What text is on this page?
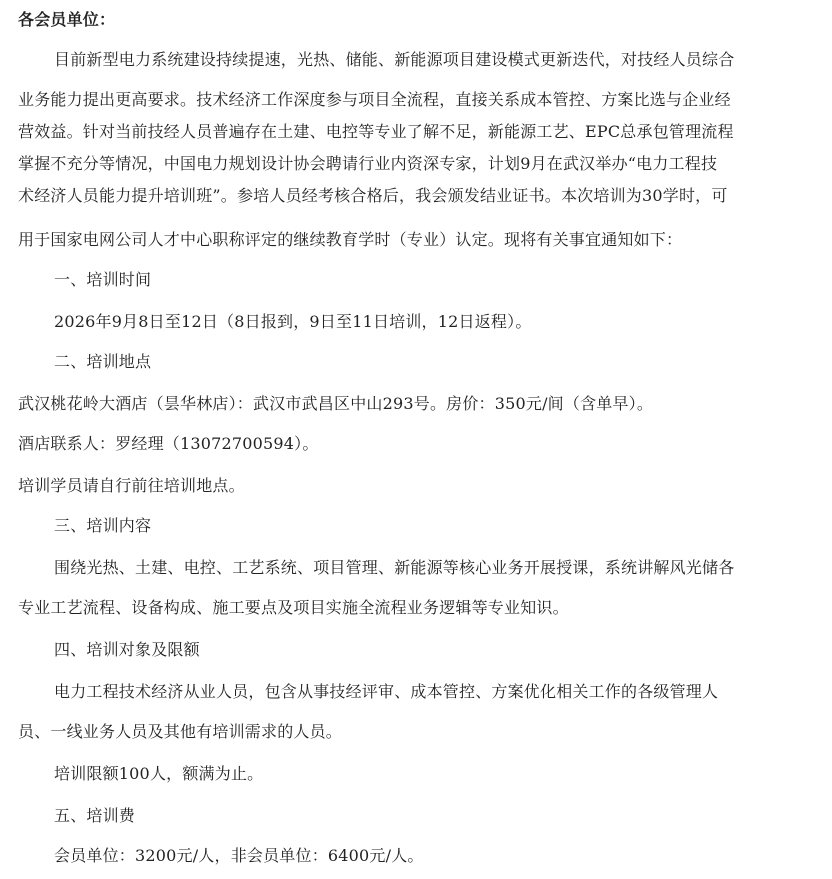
各会员单位：
目前新型电力系统建设持续提速，光热、储能、新能源项目建设模式更新迭代，对技经人员综合
业务能力提出更高要求。技术经济工作深度参与项目全流程，直接关系成本管控、方案比选与企业经
营效益。针对当前技经人员普遍存在土建、电控等专业了解不足，新能源工艺、EPC总承包管理流程
掌握不充分等情况，中国电力规划设计协会聘请行业内资深专家，计划9月在武汉举办“电力工程技
术经济人员能力提升培训班”。参培人员经考核合格后，我会颁发结业证书。本次培训为30学时，可
用于国家电网公司人才中心职称评定的继续教育学时（专业）认定。现将有关事宜通知如下：
一、培训时间
2026年9月8日至12日（8日报到，9日至11日培训，12日返程）。
二、培训地点
武汉桃花岭大酒店（昙华林店）：武汉市武昌区中山293号。房价：350元/间（含单早）。
酒店联系人：罗经理（13072700594）。
培训学员请自行前往培训地点。
三、培训内容
围绕光热、土建、电控、工艺系统、项目管理、新能源等核心业务开展授课，系统讲解风光储各
专业工艺流程、设备构成、施工要点及项目实施全流程业务逻辑等专业知识。
四、培训对象及限额
电力工程技术经济从业人员，包含从事技经评审、成本管控、方案优化相关工作的各级管理人
员、一线业务人员及其他有培训需求的人员。
培训限额100人，额满为止。
五、培训费
会员单位：3200元/人，非会员单位：6400元/人。
